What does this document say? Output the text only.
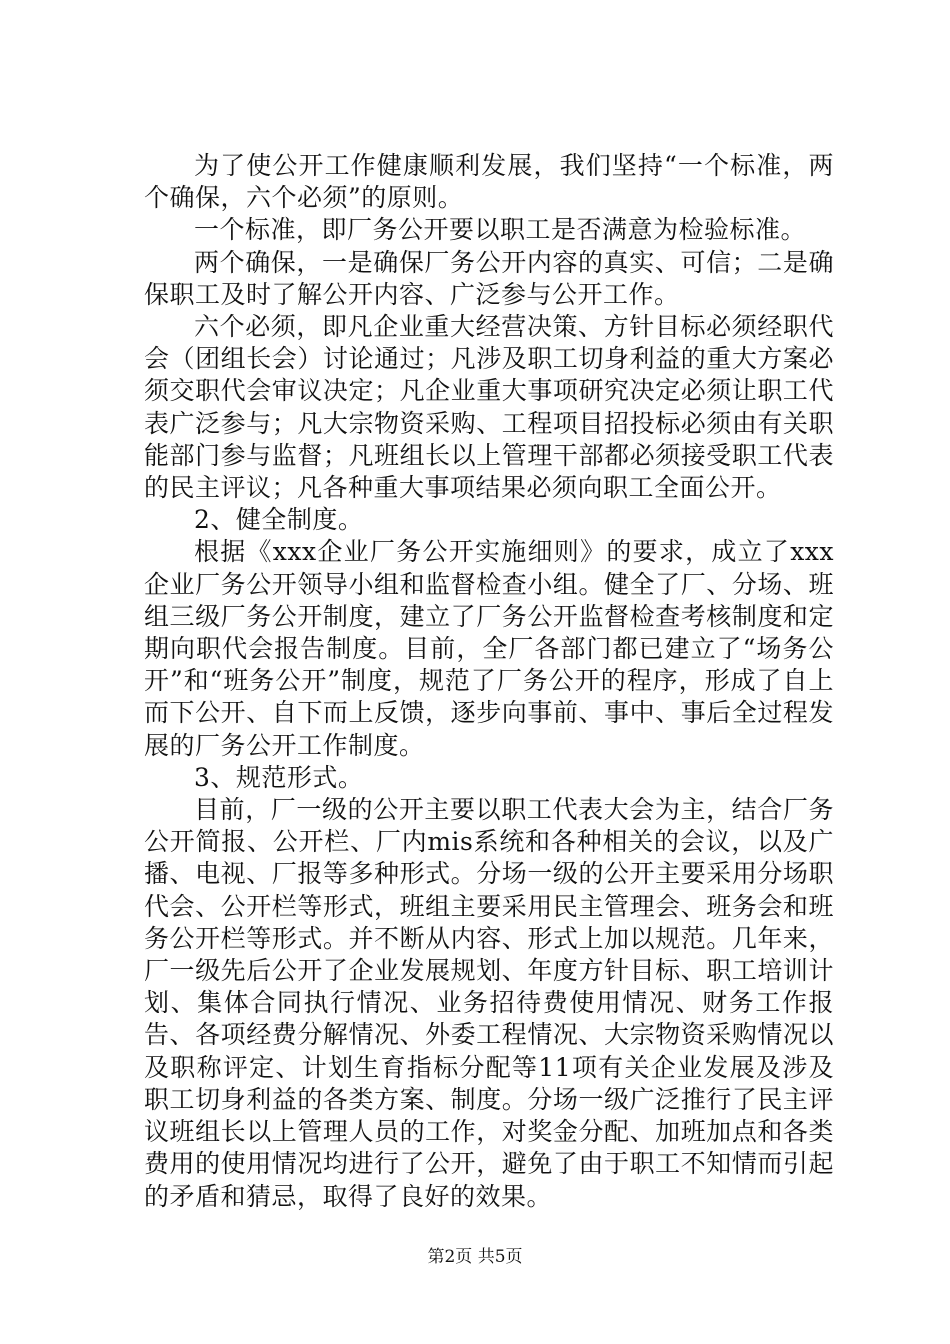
为了使公开工作健康顺利发展，我们坚持“一个标准，两个确保，六个必须”的原则。

一个标准，即厂务公开要以职工是否满意为检验标准。

两个确保，一是确保厂务公开内容的真实、可信；二是确保职工及时了解公开内容、广泛参与公开工作。

六个必须，即凡企业重大经营决策、方针目标必须经职代会（团组长会）讨论通过；凡涉及职工切身利益的重大方案必须交职代会审议决定；凡企业重大事项研究决定必须让职工代表广泛参与；凡大宗物资采购、工程项目招投标必须由有关职能部门参与监督；凡班组长以上管理干部都必须接受职工代表的民主评议；凡各种重大事项结果必须向职工全面公开。

2、健全制度。

根据《xxx企业厂务公开实施细则》的要求，成立了xxx企业厂务公开领导小组和监督检查小组。健全了厂、分场、班组三级厂务公开制度，建立了厂务公开监督检查考核制度和定期向职代会报告制度。目前，全厂各部门都已建立了“场务公开”和“班务公开”制度，规范了厂务公开的程序，形成了自上而下公开、自下而上反馈，逐步向事前、事中、事后全过程发展的厂务公开工作制度。

3、规范形式。

目前，厂一级的公开主要以职工代表大会为主，结合厂务公开简报、公开栏、厂内mis系统和各种相关的会议，以及广播、电视、厂报等多种形式。分场一级的公开主要采用分场职代会、公开栏等形式，班组主要采用民主管理会、班务会和班务公开栏等形式。并不断从内容、形式上加以规范。几年来，厂一级先后公开了企业发展规划、年度方针目标、职工培训计划、集体合同执行情况、业务招待费使用情况、财务工作报告、各项经费分解情况、外委工程情况、大宗物资采购情况以及职称评定、计划生育指标分配等11项有关企业发展及涉及职工切身利益的各类方案、制度。分场一级广泛推行了民主评议班组长以上管理人员的工作，对奖金分配、加班加点和各类费用的使用情况均进行了公开，避免了由于职工不知情而引起的矛盾和猜忌，取得了良好的效果。

第2页 共5页
